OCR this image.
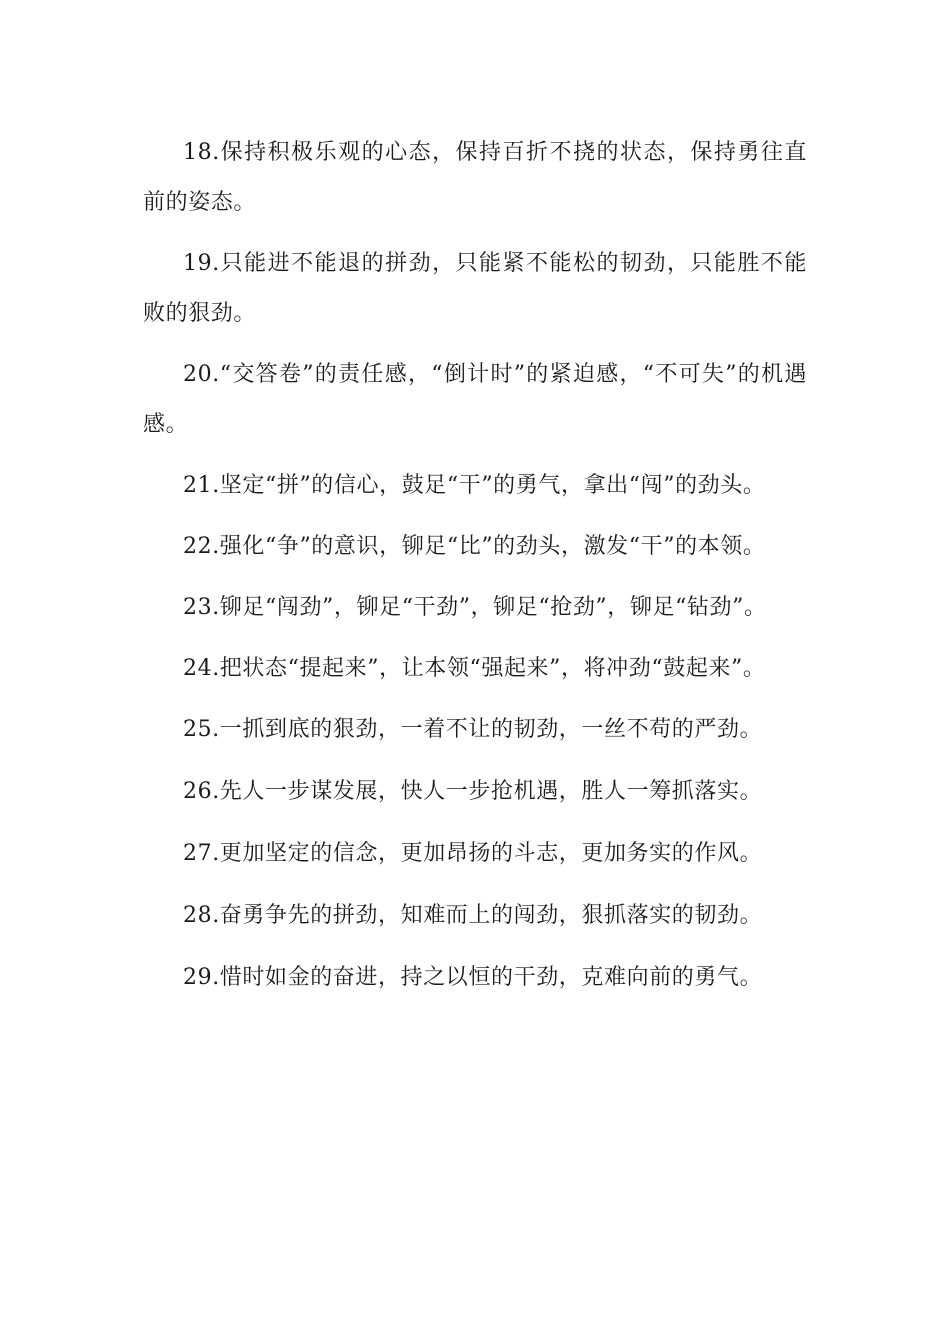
18.保持积极乐观的心态，保持百折不挠的状态，保持勇往直前的姿态。

19.只能进不能退的拼劲，只能紧不能松的韧劲，只能胜不能败的狠劲。

20.“交答卷”的责任感，“倒计时”的紧迫感，“不可失”的机遇感。

21.坚定“拼”的信心，鼓足“干”的勇气，拿出“闯”的劲头。

22.强化“争”的意识，铆足“比”的劲头，激发“干”的本领。

23.铆足“闯劲”，铆足“干劲”，铆足“抢劲”，铆足“钻劲”。

24.把状态“提起来”，让本领“强起来”，将冲劲“鼓起来”。

25.一抓到底的狠劲，一着不让的韧劲，一丝不苟的严劲。

26.先人一步谋发展，快人一步抢机遇，胜人一筹抓落实。

27.更加坚定的信念，更加昂扬的斗志，更加务实的作风。

28.奋勇争先的拼劲，知难而上的闯劲，狠抓落实的韧劲。

29.惜时如金的奋进，持之以恒的干劲，克难向前的勇气。
